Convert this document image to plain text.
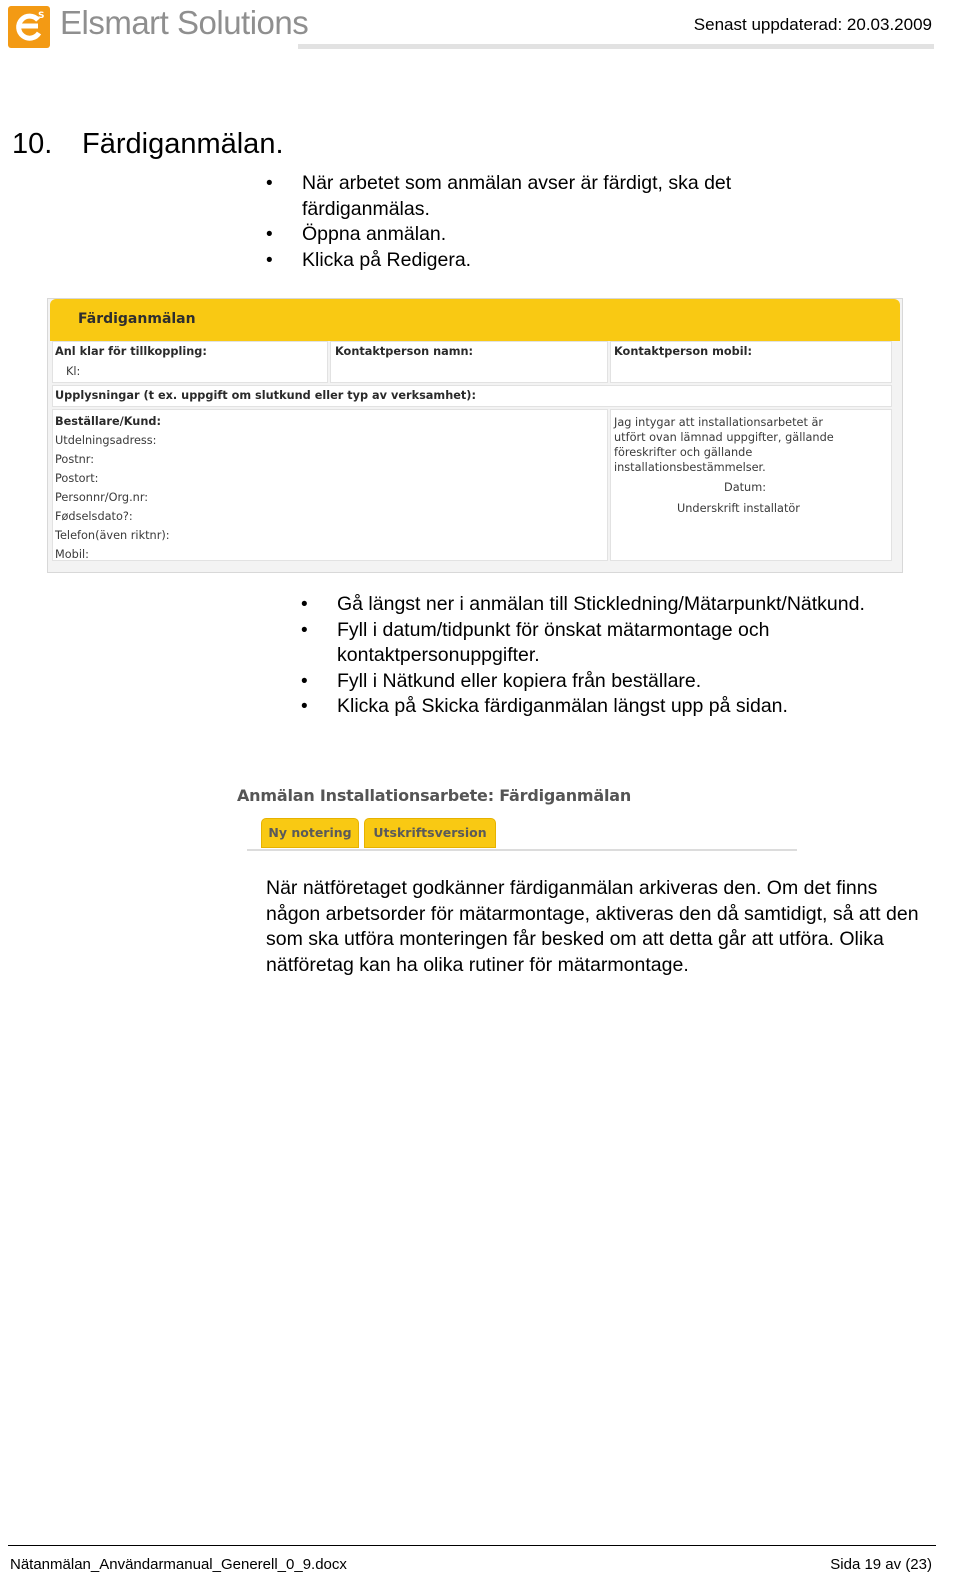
S Elsmart Solutions	Senast uppdaterad: 20.03.2009
10. Färdiganmälan.
• När arbetet som anmälan avser är färdigt, ska det färdiganmälas.
• Öppna anmälan.
• Klicka på Redigera.
Färdiganmälan
Anl klar för tillkoppling:
Kl:
Kontaktperson namn:	Kontaktperson mobil:
Upplysningar (t ex. uppgift om slutkund eller typ av verksamhet):
Beställare/Kund:
Utdelningsadress:
Postnr:
Postort:
Personnr/Org.nr:
Fødselsdato?:
Telefon(även riktnr):
Mobil:
Jag intygar att installationsarbetet är
utfört ovan lämnad uppgifter, gällande
föreskrifter och gällande
installationsbestämmelser.
Datum:
Underskrift installatör
• Gå längst ner i anmälan till Stickledning/Mätarpunkt/Nätkund.
• Fyll i datum/tidpunkt för önskat mätarmontage och kontaktpersonuppgifter.
• Fyll i Nätkund eller kopiera från beställare.
• Klicka på Skicka färdiganmälan längst upp på sidan.
Anmälan Installationsarbete: Färdiganmälan
Ny notering	Utskriftsversion
När nätföretaget godkänner färdiganmälan arkiveras den. Om det finns någon arbetsorder för mätarmontage, aktiveras den då samtidigt, så att den som ska utföra monteringen får besked om att detta går att utföra. Olika nätföretag kan ha olika rutiner för mätarmontage.
Nätanmälan_Användarmanual_Generell_0_9.docx	Sida 19 av (23)
